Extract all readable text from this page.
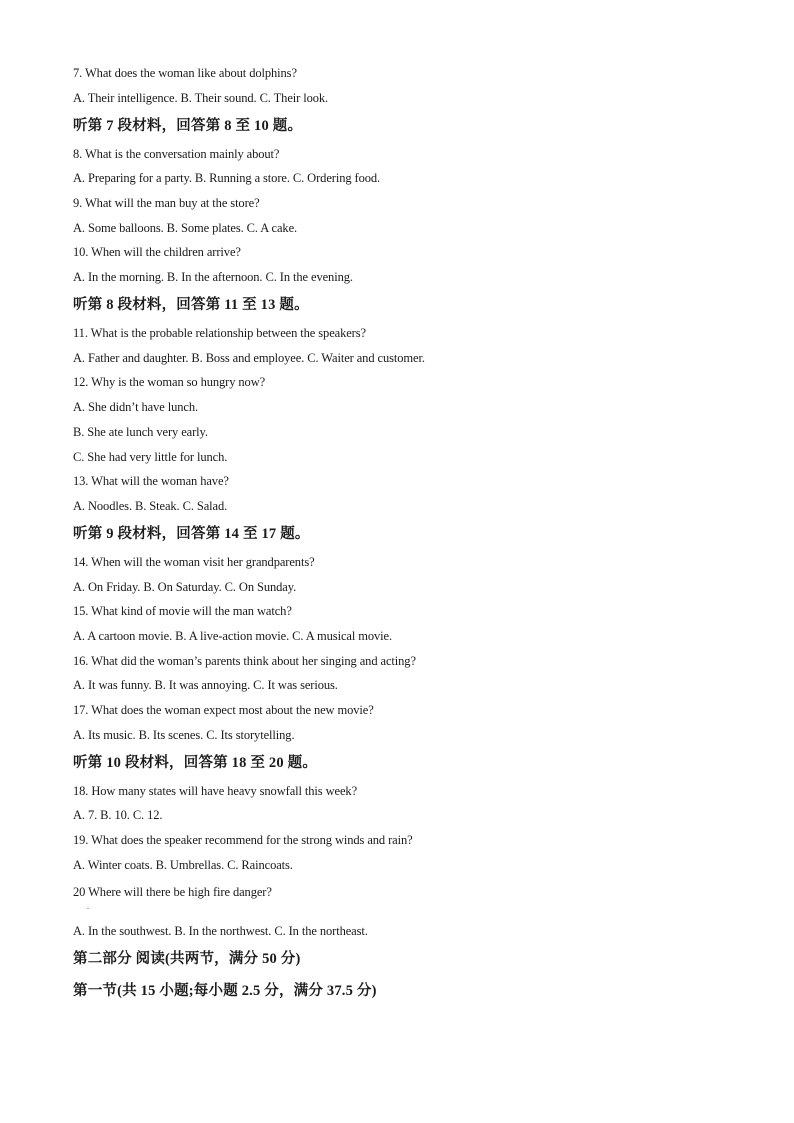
7. What does the woman like about dolphins?
A. Their intelligence. B. Their sound. C. Their look.
听第 7 段材料，回答第 8 至 10 题。
8. What is the conversation mainly about?
A. Preparing for a party. B. Running a store. C. Ordering food.
9. What will the man buy at the store?
A. Some balloons. B. Some plates. C. A cake.
10. When will the children arrive?
A. In the morning. B. In the afternoon. C. In the evening.
听第 8 段材料，回答第 11 至 13 题。
11. What is the probable relationship between the speakers?
A. Father and daughter. B. Boss and employee. C. Waiter and customer.
12. Why is the woman so hungry now?
A. She didn’t have lunch.
B. She ate lunch very early.
C. She had very little for lunch.
13. What will the woman have?
A. Noodles. B. Steak. C. Salad.
听第 9 段材料，回答第 14 至 17 题。
14. When will the woman visit her grandparents?
A. On Friday. B. On Saturday. C. On Sunday.
15. What kind of movie will the man watch?
A. A cartoon movie. B. A live-action movie. C. A musical movie.
16. What did the woman’s parents think about her singing and acting?
A. It was funny. B. It was annoying. C. It was serious.
17. What does the woman expect most about the new movie?
A. Its music. B. Its scenes. C. Its storytelling.
听第 10 段材料，回答第 18 至 20 题。
18. How many states will have heavy snowfall this week?
A. 7. B. 10. C. 12.
19. What does the speaker recommend for the strong winds and rain?
A. Winter coats. B. Umbrellas. C. Raincoats.
20 Where will there be high fire danger?
.
A. In the southwest. B. In the northwest. C. In the northeast.
第二部分 阅读(共两节，满分 50 分)
第一节(共 15 小题;每小题 2.5 分，满分 37.5 分)
